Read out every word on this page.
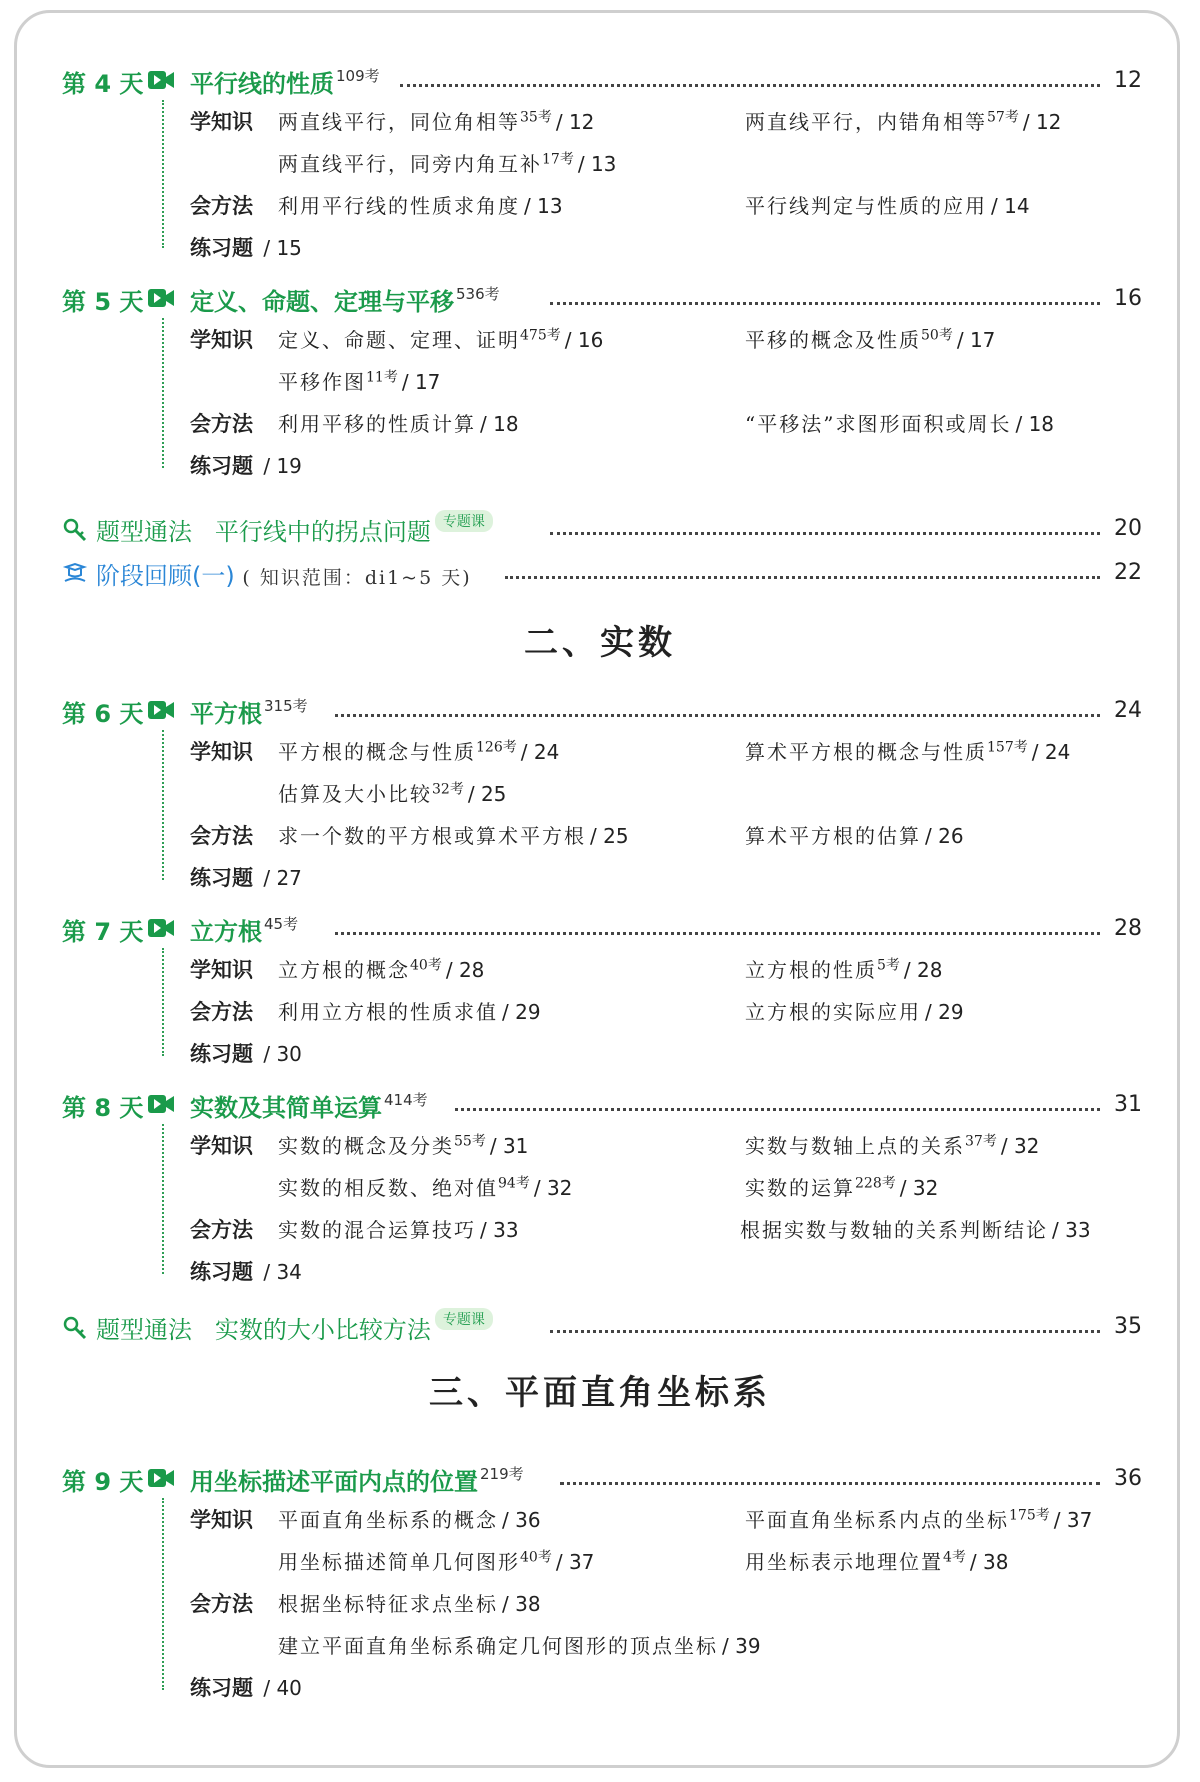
第 4 天 平行线的性质 $^{109考}$	12
学知识 两直线平行，同位角相等$^{35考}$ / 12	两直线平行，内错角相等$^{57考}$ / 12
两直线平行，同旁内角互补$^{17考}$ / 13
会方法 利用平行线的性质求角度 / 13	平行线判定与性质的应用 / 14
练习题 / 15
第 5 天 定义、命题、定理与平移 $^{536考}$	16
学知识 定义、命题、定理、证明$^{475考}$ / 16	平移的概念及性质$^{50考}$ / 17
平移作图$^{11考}$ / 17
会方法 利用平移的性质计算 / 18	“平移法”求图形面积或周长 / 18
练习题 / 19
题型通法 平行线中的拐点问题 专题课	20
阶段回顾(一) ( 知识范围：di1~5 天)	22
二、实数
第 6 天 平方根 $^{315考}$	24
学知识 平方根的概念与性质$^{126考}$ / 24	算术平方根的概念与性质$^{157考}$ / 24
估算及大小比较$^{32考}$ / 25
会方法 求一个数的平方根或算术平方根 / 25	算术平方根的估算 / 26
练习题 / 27
第 7 天 立方根 $^{45考}$	28
学知识 立方根的概念$^{40考}$ / 28	立方根的性质$^{5考}$ / 28
会方法 利用立方根的性质求值 / 29	立方根的实际应用 / 29
练习题 / 30
第 8 天 实数及其简单运算 $^{414考}$	31
学知识 实数的概念及分类$^{55考}$ / 31	实数与数轴上点的关系$^{37考}$ / 32
实数的相反数、绝对值$^{94考}$ / 32	实数的运算$^{228考}$ / 32
会方法 实数的混合运算技巧 / 33	根据实数与数轴的关系判断结论 / 33
练习题 / 34
题型通法 实数的大小比较方法 专题课	35
三、平面直角坐标系
第 9 天 用坐标描述平面内点的位置 $^{219考}$	36
学知识 平面直角坐标系的概念 / 36	平面直角坐标系内点的坐标$^{175考}$ / 37
用坐标描述简单几何图形$^{40考}$ / 37	用坐标表示地理位置$^{4考}$ / 38
会方法 根据坐标特征求点坐标 / 38
建立平面直角坐标系确定几何图形的顶点坐标 / 39
练习题 / 40
